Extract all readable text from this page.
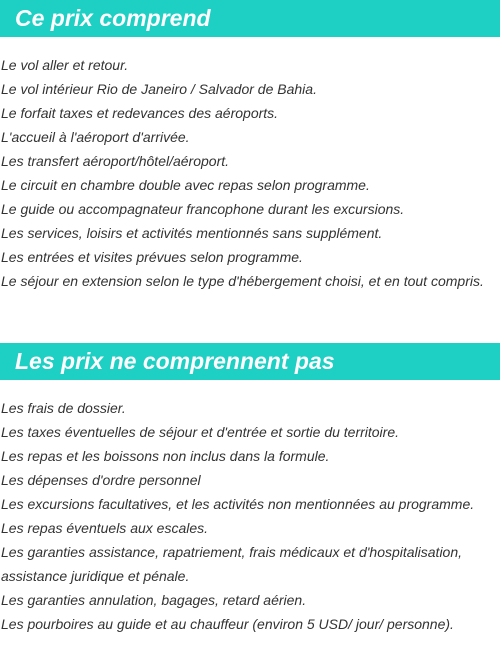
Ce prix comprend
Le vol aller et retour.
Le vol intérieur Rio de Janeiro / Salvador de Bahia.
Le forfait taxes et redevances des aéroports.
L'accueil à l'aéroport d'arrivée.
Les transfert aéroport/hôtel/aéroport.
Le circuit en chambre double avec repas selon programme.
Le guide ou accompagnateur francophone durant les excursions.
Les services, loisirs et activités mentionnés sans supplément.
Les entrées et visites prévues selon programme.
Le séjour en extension selon le type d'hébergement choisi, et en tout compris.
Les prix ne comprennent pas
Les frais de dossier.
Les taxes éventuelles de séjour et d'entrée et sortie du territoire.
Les repas et les boissons non inclus dans la formule.
Les dépenses d'ordre personnel
Les excursions facultatives, et les activités non mentionnées au programme.
Les repas éventuels aux escales.
Les garanties assistance, rapatriement, frais médicaux et d'hospitalisation,
assistance juridique et pénale.
Les garanties annulation, bagages, retard aérien.
Les pourboires au guide et au chauffeur (environ 5 USD/ jour/ personne).
